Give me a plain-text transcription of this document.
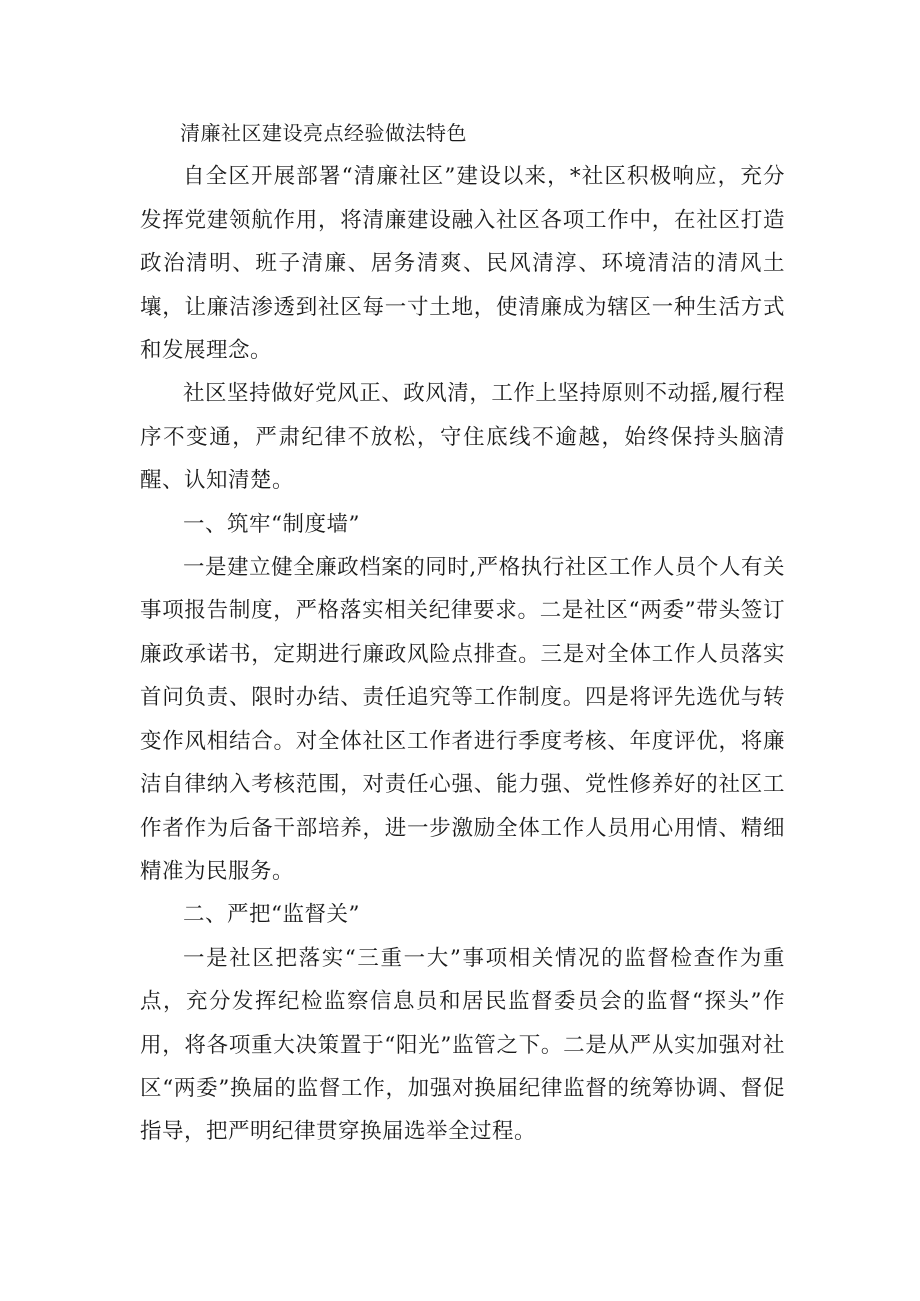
清廉社区建设亮点经验做法特色

自全区开展部署“清廉社区”建设以来，*社区积极响应，充分发挥党建领航作用，将清廉建设融入社区各项工作中，在社区打造政治清明、班子清廉、居务清爽、民风清淳、环境清洁的清风土壤，让廉洁渗透到社区每一寸土地，使清廉成为辖区一种生活方式和发展理念。

社区坚持做好党风正、政风清，工作上坚持原则不动摇,履行程序不变通，严肃纪律不放松，守住底线不逾越，始终保持头脑清醒、认知清楚。

一、筑牢“制度墙”

一是建立健全廉政档案的同时,严格执行社区工作人员个人有关事项报告制度，严格落实相关纪律要求。二是社区“两委”带头签订廉政承诺书，定期进行廉政风险点排查。三是对全体工作人员落实首问负责、限时办结、责任追究等工作制度。四是将评先选优与转变作风相结合。对全体社区工作者进行季度考核、年度评优，将廉洁自律纳入考核范围，对责任心强、能力强、党性修养好的社区工作者作为后备干部培养，进一步激励全体工作人员用心用情、精细精准为民服务。

二、严把“监督关”

一是社区把落实“三重一大”事项相关情况的监督检查作为重点，充分发挥纪检监察信息员和居民监督委员会的监督“探头”作用，将各项重大决策置于“阳光”监管之下。二是从严从实加强对社区“两委”换届的监督工作，加强对换届纪律监督的统筹协调、督促指导，把严明纪律贯穿换届选举全过程。
